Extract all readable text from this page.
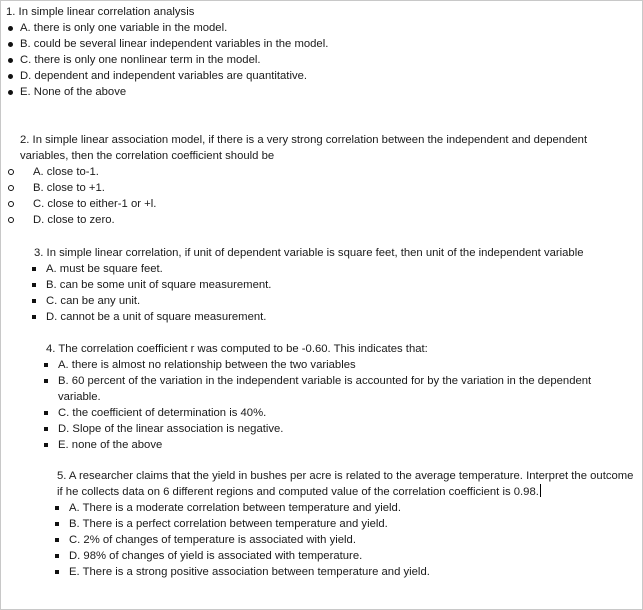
1. In simple linear correlation analysis
A. there is only one variable in the model.
B. could be several linear independent variables in the model.
C. there is only one nonlinear term in the model.
D. dependent and independent variables are quantitative.
E. None of the above
2. In simple linear association model, if there is a very strong correlation between the independent and dependent variables, then the correlation coefficient should be
A. close to-1.
B. close to +1.
C. close to either-1 or +l.
D. close to zero.
3. In simple linear correlation, if unit of dependent variable is square feet, then unit of the independent variable
A. must be square feet.
B. can be some unit of square measurement.
C. can be any unit.
D. cannot be a unit of square measurement.
4. The correlation coefficient r was computed to be -0.60. This indicates that:
A. there is almost no relationship between the two variables
B. 60 percent of the variation in the independent variable is accounted for by the variation in the dependent variable.
C. the coefficient of determination is 40%.
D. Slope of the linear association is negative.
E. none of the above
5. A researcher claims that the yield in bushes per acre is related to the average temperature. Interpret the outcome if he collects data on 6 different regions and computed value of the correlation coefficient is 0.98.
A. There is a moderate correlation between temperature and yield.
B. There is a perfect correlation between temperature and yield.
C. 2% of changes of temperature is associated with yield.
D. 98% of changes of yield is associated with temperature.
E. There is a strong positive association between temperature and yield.
